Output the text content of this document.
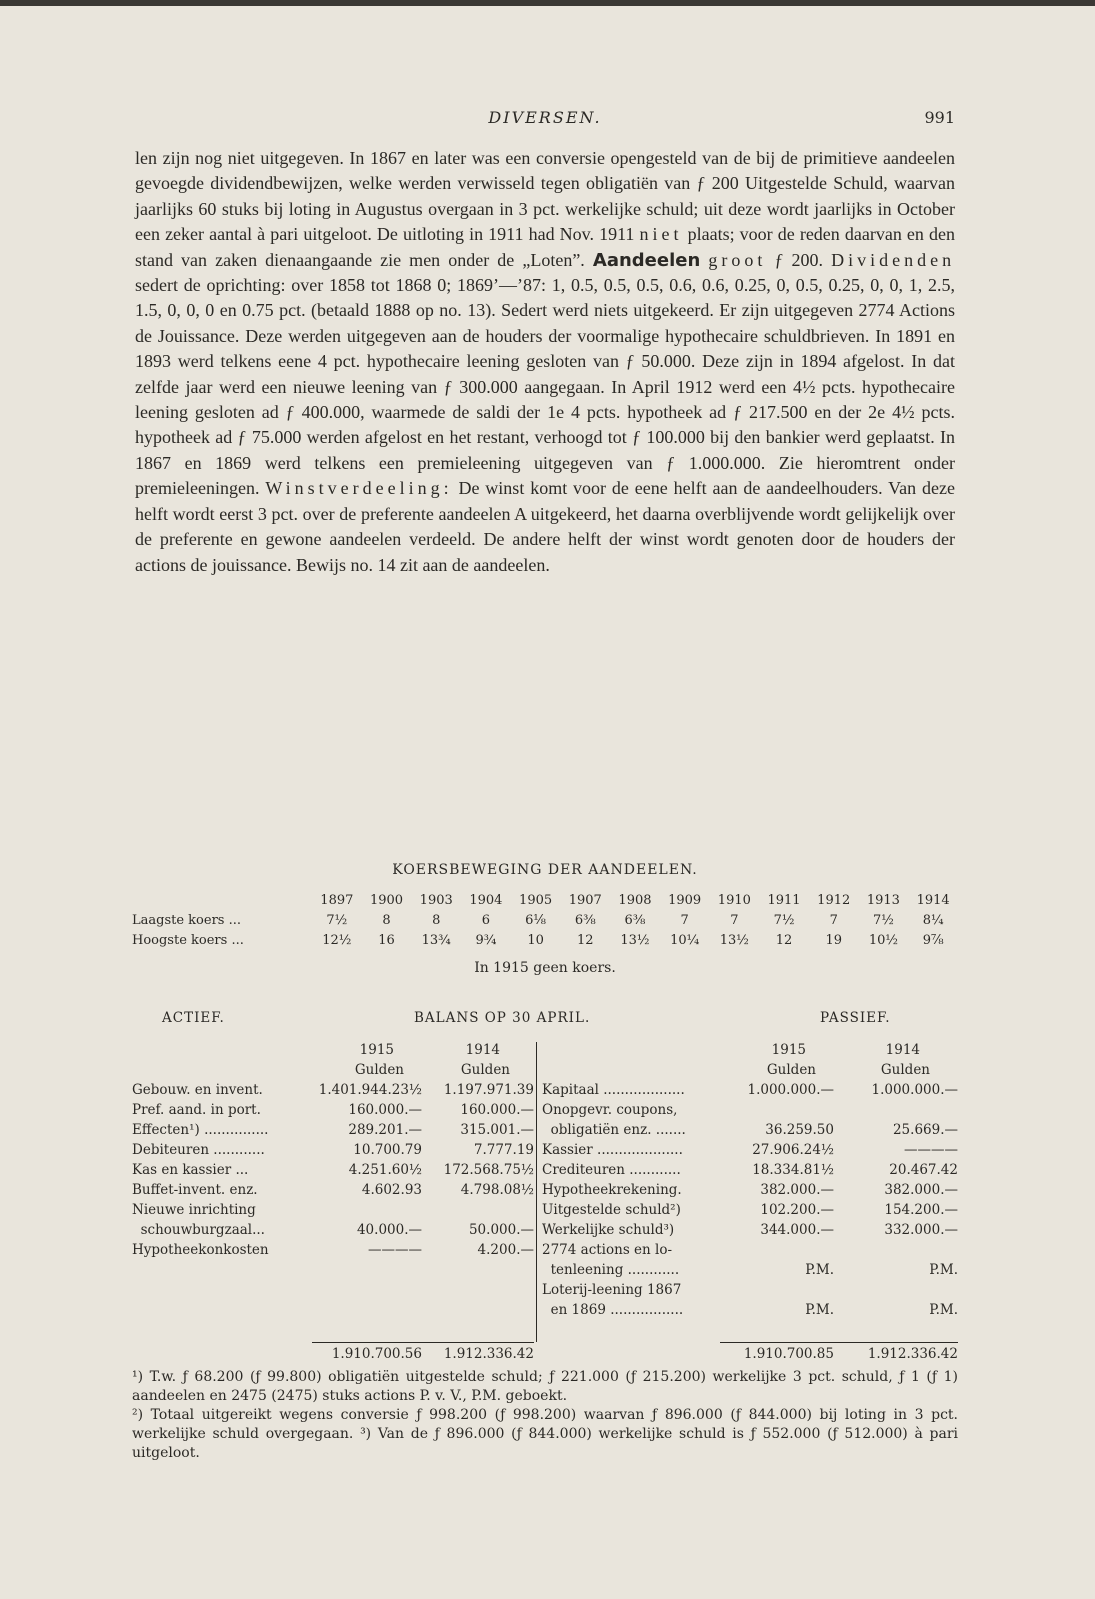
DIVERSEN.	991

len zijn nog niet uitgegeven. In 1867 en later was een conversie opengesteld van de bij de primitieve aandeelen gevoegde dividendbewijzen, welke werden verwisseld tegen obligatiën van ƒ 200 Uitgestelde Schuld, waarvan jaarlijks 60 stuks bij loting in Augustus overgaan in 3 pct. werkelijke schuld; uit deze wordt jaarlijks in October een zeker aantal à pari uitgeloot. De uitloting in 1911 had Nov. 1911 niet plaats; voor de reden daarvan en den stand van zaken dienaangaande zie men onder de „Loten”. Aandeelen groot ƒ 200. Dividenden sedert de oprichting: over 1858 tot 1868 0; 1869’—’87: 1, 0.5, 0.5, 0.5, 0.6, 0.6, 0.25, 0, 0.5, 0.25, 0, 0, 1, 2.5, 1.5, 0, 0, 0 en 0.75 pct. (betaald 1888 op no. 13). Sedert werd niets uitgekeerd. Er zijn uitgegeven 2774 Actions de Jouissance. Deze werden uitgegeven aan de houders der voormalige hypothecaire schuldbrieven. In 1891 en 1893 werd telkens eene 4 pct. hypothecaire leening gesloten van ƒ 50.000. Deze zijn in 1894 afgelost. In dat zelfde jaar werd een nieuwe leening van ƒ 300.000 aangegaan. In April 1912 werd een 4½ pcts. hypothecaire leening gesloten ad ƒ 400.000, waarmede de saldi der 1e 4 pcts. hypotheek ad ƒ 217.500 en der 2e 4½ pcts. hypotheek ad ƒ 75.000 werden afgelost en het restant, verhoogd tot ƒ 100.000 bij den bankier werd geplaatst. In 1867 en 1869 werd telkens een premieleening uitgegeven van ƒ 1.000.000. Zie hieromtrent onder premieleeningen. Winstverdeeling: De winst komt voor de eene helft aan de aandeelhouders. Van deze helft wordt eerst 3 pct. over de preferente aandeelen A uitgekeerd, het daarna overblijvende wordt gelijkelijk over de preferente en gewone aandeelen verdeeld. De andere helft der winst wordt genoten door de houders der actions de jouissance. Bewijs no. 14 zit aan de aandeelen.

KOERSBEWEGING DER AANDEELEN.
	1897	1900	1903	1904	1905	1907	1908	1909	1910	1911	1912	1913	1914
Laagste koers ...	7½	8	8	6	6⅛	6⅜	6⅜	7	7	7½	7	7½	8¼
Hoogste koers ...	12½	16	13¾	9¾	10	12	13½	10¼	13½	12	19	10½	9⅞
In 1915 geen koers.
ACTIEF.	BALANS OP 30 APRIL.	PASSIEF.
1915	1914
Gulden	Gulden
Gebouw. en invent.	1.401.944.23½ 1.197.971.39
Pref. aand. in port.	160.000.—	160.000.—
Effecten¹) ...............	289.201.—	315.001.—
Debiteuren ............	10.700.79	7.777.19
Kas en kassier ...	4.251.60½ 172.568.75½
Buffet-invent. enz.	4.602.93	4.798.08½
Nieuwe inrichting
schouwburgzaal...	40.000.—	50.000.—
Hypotheekonkosten	————	4.200.—
1915	1914
Gulden	Gulden
Kapitaal ...................	1.000.000.—	1.000.000.—
Onopgevr. coupons,
obligatiën enz. .......	36.259.50	25.669.—
Kassier ....................	27.906.24½	————
Crediteuren ............	18.334.81½	20.467.42
Hypotheekrekening.	382.000.—	382.000.—
Uitgestelde schuld²)	102.200.—	154.200.—
Werkelijke schuld³)	344.000.—	332.000.—
2774 actions en lo-
tenleening ............	P.M.	P.M.
Loterij-leening 1867
en 1869 .................	P.M.	P.M.
1.910.700.56 1.912.336.42	1.910.700.85	1.912.336.42

¹) T.w. ƒ 68.200 (ƒ 99.800) obligatiën uitgestelde schuld; ƒ 221.000 (ƒ 215.200) werkelijke 3 pct. schuld, ƒ 1 (ƒ 1) aandeelen en 2475 (2475) stuks actions P. v. V., P.M. geboekt.

²) Totaal uitgereikt wegens conversie ƒ 998.200 (ƒ 998.200) waarvan ƒ 896.000 (ƒ 844.000) bij loting in 3 pct. werkelijke schuld overgegaan. ³) Van de ƒ 896.000 (ƒ 844.000) werkelijke schuld is ƒ 552.000 (ƒ 512.000) à pari uitgeloot.
